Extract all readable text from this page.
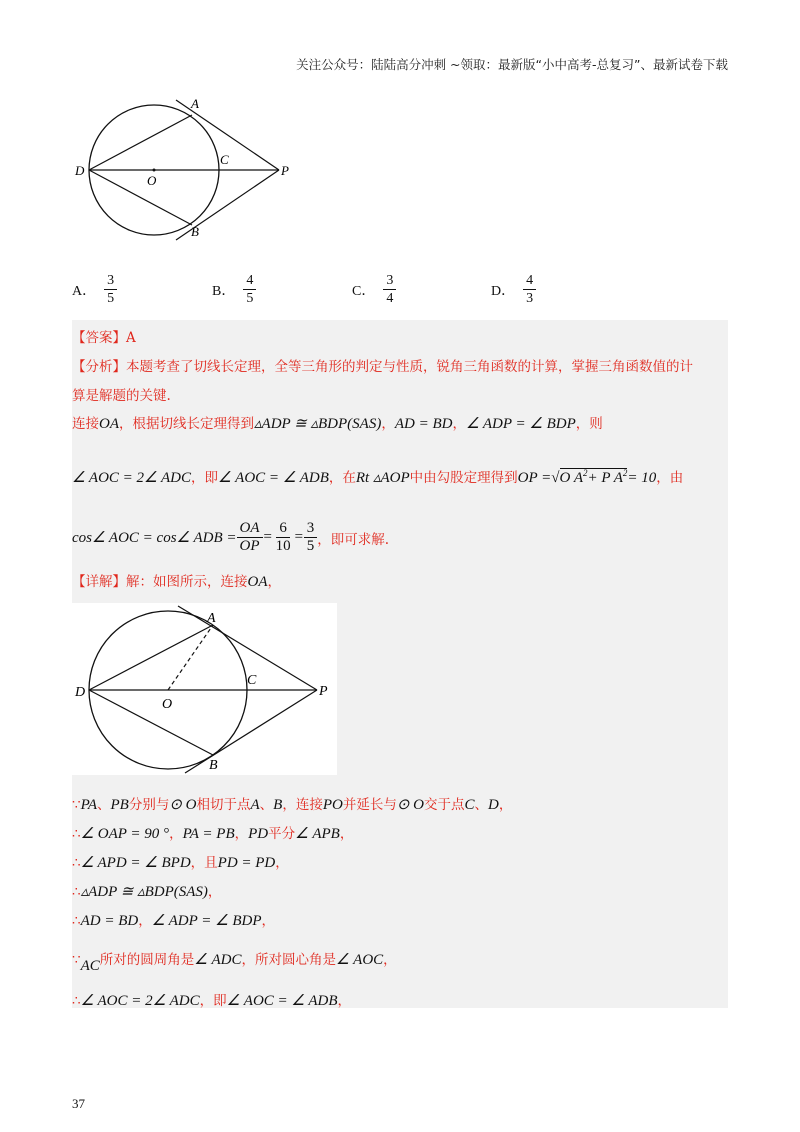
关注公众号：陆陆高分冲刺 ~领取：最新版“小中高考-总复习”、最新试卷下载
A
B
C
D
O
P
A． $\frac{3}{5}$	B． $\frac{4}{5}$	C． $\frac{3}{4}$	D． $\frac{4}{3}$
【答案】A
【分析】本题考查了切线长定理，全等三角形的判定与性质，锐角三角函数的计算，掌握三角函数值的计
算是解题的关键.
连接OA，根据切线长定理得到▵ADP ≅ ▵BDP(SAS)，AD = BD，∠ ADP = ∠ BDP，则
∠ AOC = 2∠ ADC，即∠ AOC = ∠ ADB，在Rt ▵AOP中由勾股定理得到OP =√O $A^2+ P$ $A^2= 10$，由
cos∠ AOC = cos∠ ADB = $\frac{OA}{OP} = \frac{6}{10} = \frac{3}{5}$ ，即可求解.
【详解】解：如图所示，连接OA，
A
B
C
D
O
P
∵PA、PB分别与⊙ O相切于点A、B，连接PO并延长与⊙ O交于点C、D，
∴∠ OAP = 90 °，PA = PB，PD平分∠ APB，
∴∠ APD = ∠ BPD，且PD = PD，
∴▵ADP ≅ ▵BDP(SAS)，
∴AD = BD，∠ ADP = ∠ BDP，
∵AC所对的圆周角是∠ ADC，所对圆心角是∠ AOC，
∴∠ AOC = 2∠ ADC，即∠ AOC = ∠ ADB，
37
